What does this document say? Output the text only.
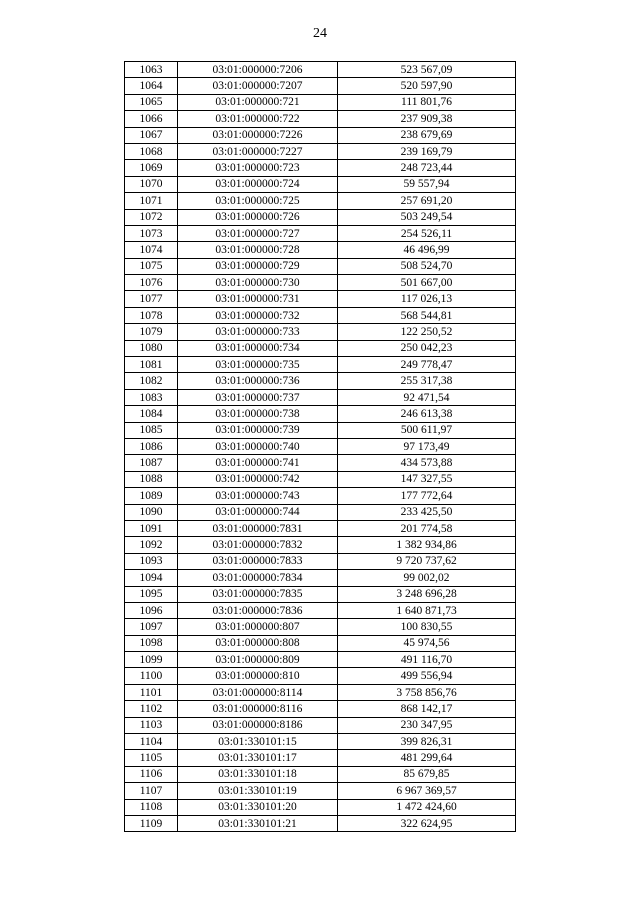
24
1063	03:01:000000:7206	523 567,09
1064	03:01:000000:7207	520 597,90
1065	03:01:000000:721	111 801,76
1066	03:01:000000:722	237 909,38
1067	03:01:000000:7226	238 679,69
1068	03:01:000000:7227	239 169,79
1069	03:01:000000:723	248 723,44
1070	03:01:000000:724	59 557,94
1071	03:01:000000:725	257 691,20
1072	03:01:000000:726	503 249,54
1073	03:01:000000:727	254 526,11
1074	03:01:000000:728	46 496,99
1075	03:01:000000:729	508 524,70
1076	03:01:000000:730	501 667,00
1077	03:01:000000:731	117 026,13
1078	03:01:000000:732	568 544,81
1079	03:01:000000:733	122 250,52
1080	03:01:000000:734	250 042,23
1081	03:01:000000:735	249 778,47
1082	03:01:000000:736	255 317,38
1083	03:01:000000:737	92 471,54
1084	03:01:000000:738	246 613,38
1085	03:01:000000:739	500 611,97
1086	03:01:000000:740	97 173,49
1087	03:01:000000:741	434 573,88
1088	03:01:000000:742	147 327,55
1089	03:01:000000:743	177 772,64
1090	03:01:000000:744	233 425,50
1091	03:01:000000:7831	201 774,58
1092	03:01:000000:7832	1 382 934,86
1093	03:01:000000:7833	9 720 737,62
1094	03:01:000000:7834	99 002,02
1095	03:01:000000:7835	3 248 696,28
1096	03:01:000000:7836	1 640 871,73
1097	03:01:000000:807	100 830,55
1098	03:01:000000:808	45 974,56
1099	03:01:000000:809	491 116,70
1100	03:01:000000:810	499 556,94
1101	03:01:000000:8114	3 758 856,76
1102	03:01:000000:8116	868 142,17
1103	03:01:000000:8186	230 347,95
1104	03:01:330101:15	399 826,31
1105	03:01:330101:17	481 299,64
1106	03:01:330101:18	85 679,85
1107	03:01:330101:19	6 967 369,57
1108	03:01:330101:20	1 472 424,60
1109	03:01:330101:21	322 624,95
